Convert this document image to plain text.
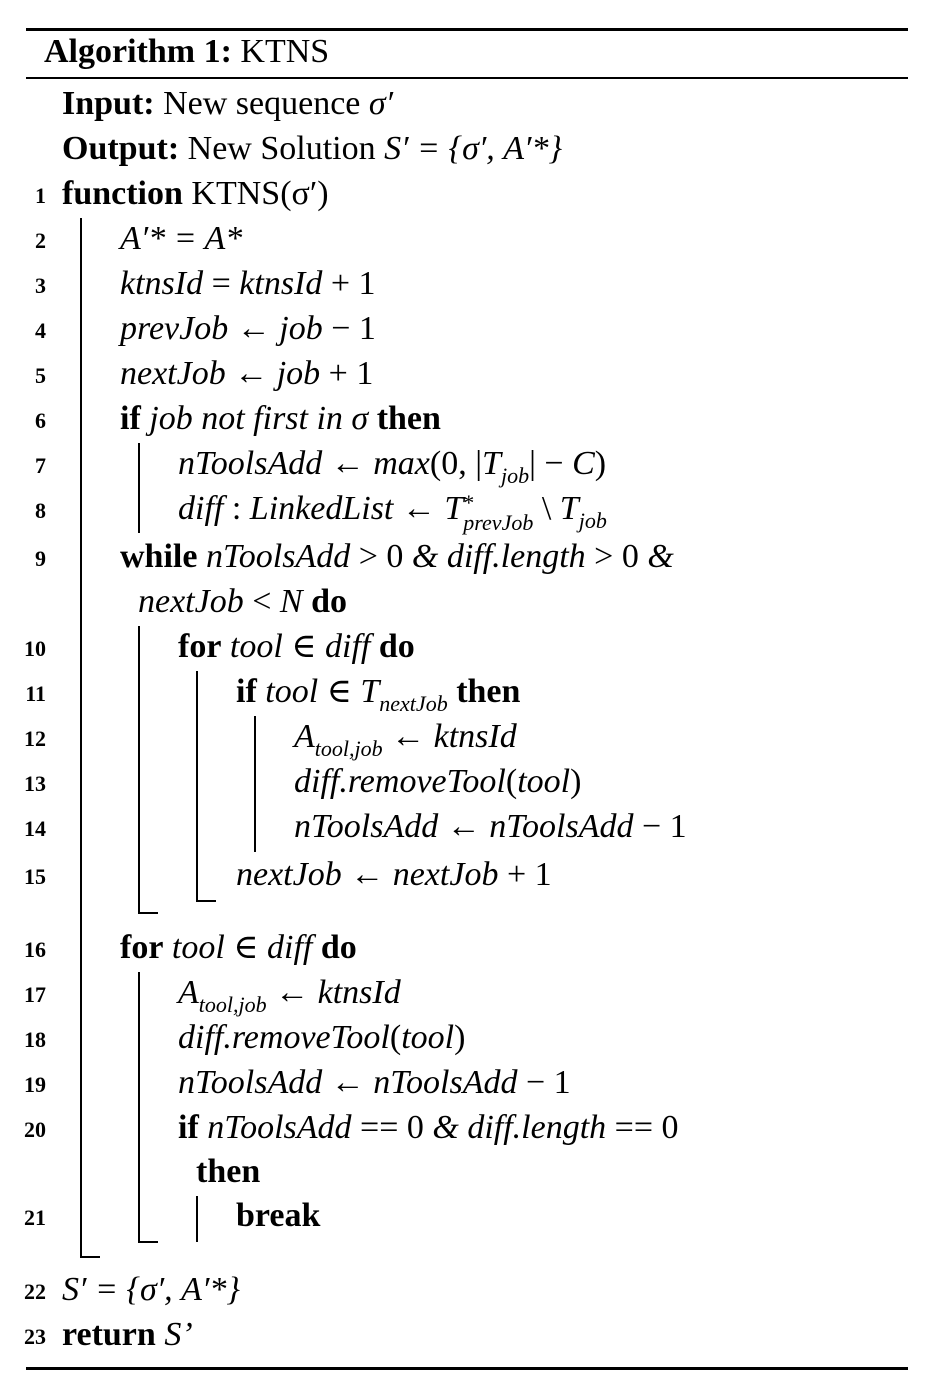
Algorithm 1: KTNS
Input: New sequence σ′
Output: New Solution S′ = {σ′, A′*}
1
2
3
4
5
6
7
8
9
10
11
12
13
14
15
16
17
18
19
20
21
22
23
function KTNS(σ′)
A′* = A*
ktnsId = ktnsId + 1
prevJob ← job − 1
nextJob ← job + 1
if job not first in σ then
nToolsAdd ← max(0, $|T_{job}| - C$)
diff : LinkedList ← T *
prevJob \ $T_{job}$
while nToolsAdd > 0 & diff.length > 0 &
nextJob < N do
for tool ∈ diff do
if tool ∈ $T_{nextJob}$ then
$A_{tool,job}$ ← ktnsId
diff.removeTool(tool)
nToolsAdd ← nToolsAdd − 1
nextJob ← nextJob + 1
for tool ∈ diff do
$A_{tool,job}$ ← ktnsId
diff.removeTool(tool)
nToolsAdd ← nToolsAdd − 1
if nToolsAdd == 0 & diff.length == 0
then
break
S′ = {σ′, A′*}
return S’
